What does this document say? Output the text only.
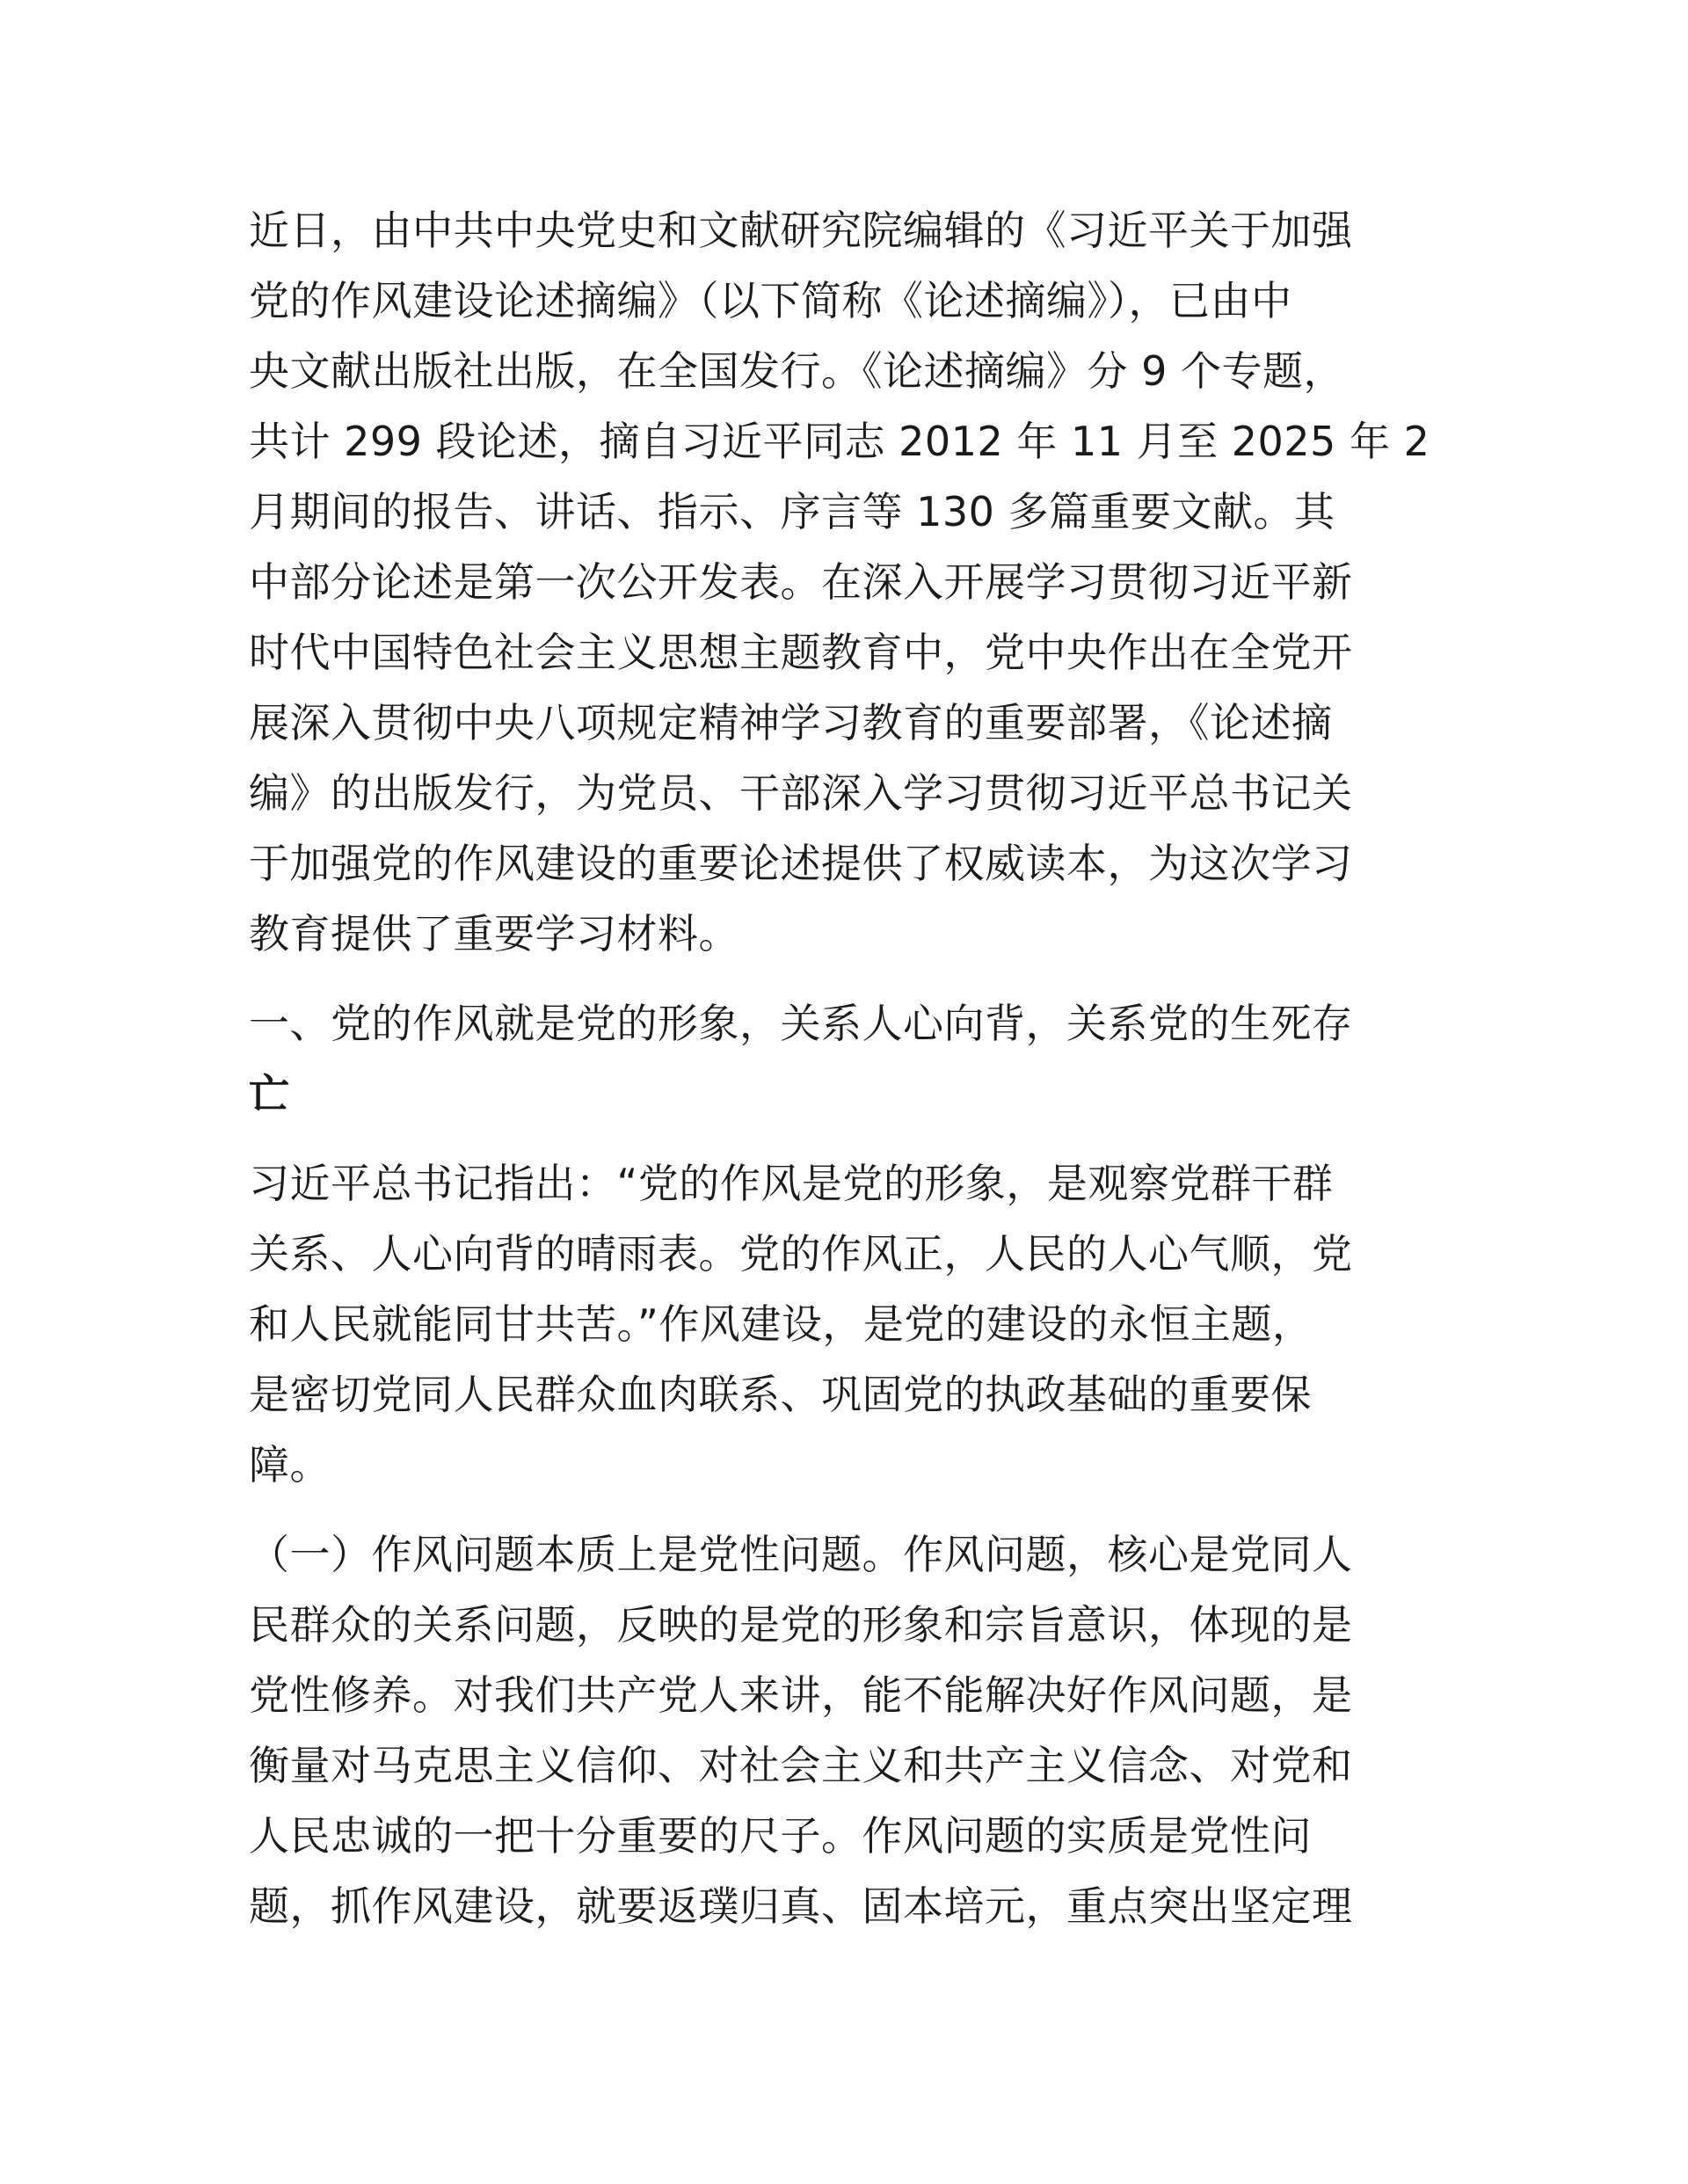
近日，由中共中央党史和文献研究院编辑的《习近平关于加强
党的作风建设论述摘编》（以下简称《论述摘编》），已由中
央文献出版社出版，在全国发行。《论述摘编》分 9 个专题，
共计 299 段论述，摘自习近平同志 2012 年 11 月至 2025 年 2
月期间的报告、讲话、指示、序言等 130 多篇重要文献。其
中部分论述是第一次公开发表。在深入开展学习贯彻习近平新
时代中国特色社会主义思想主题教育中，党中央作出在全党开
展深入贯彻中央八项规定精神学习教育的重要部署，《论述摘
编》的出版发行，为党员、干部深入学习贯彻习近平总书记关
于加强党的作风建设的重要论述提供了权威读本，为这次学习
教育提供了重要学习材料。
一、党的作风就是党的形象，关系人心向背，关系党的生死存
亡
习近平总书记指出：“党的作风是党的形象，是观察党群干群
关系、人心向背的晴雨表。党的作风正，人民的人心气顺，党
和人民就能同甘共苦。”作风建设，是党的建设的永恒主题，
是密切党同人民群众血肉联系、巩固党的执政基础的重要保
障。
（一）作风问题本质上是党性问题。作风问题，核心是党同人
民群众的关系问题，反映的是党的形象和宗旨意识，体现的是
党性修养。对我们共产党人来讲，能不能解决好作风问题，是
衡量对马克思主义信仰、对社会主义和共产主义信念、对党和
人民忠诚的一把十分重要的尺子。作风问题的实质是党性问
题，抓作风建设，就要返璞归真、固本培元，重点突出坚定理
